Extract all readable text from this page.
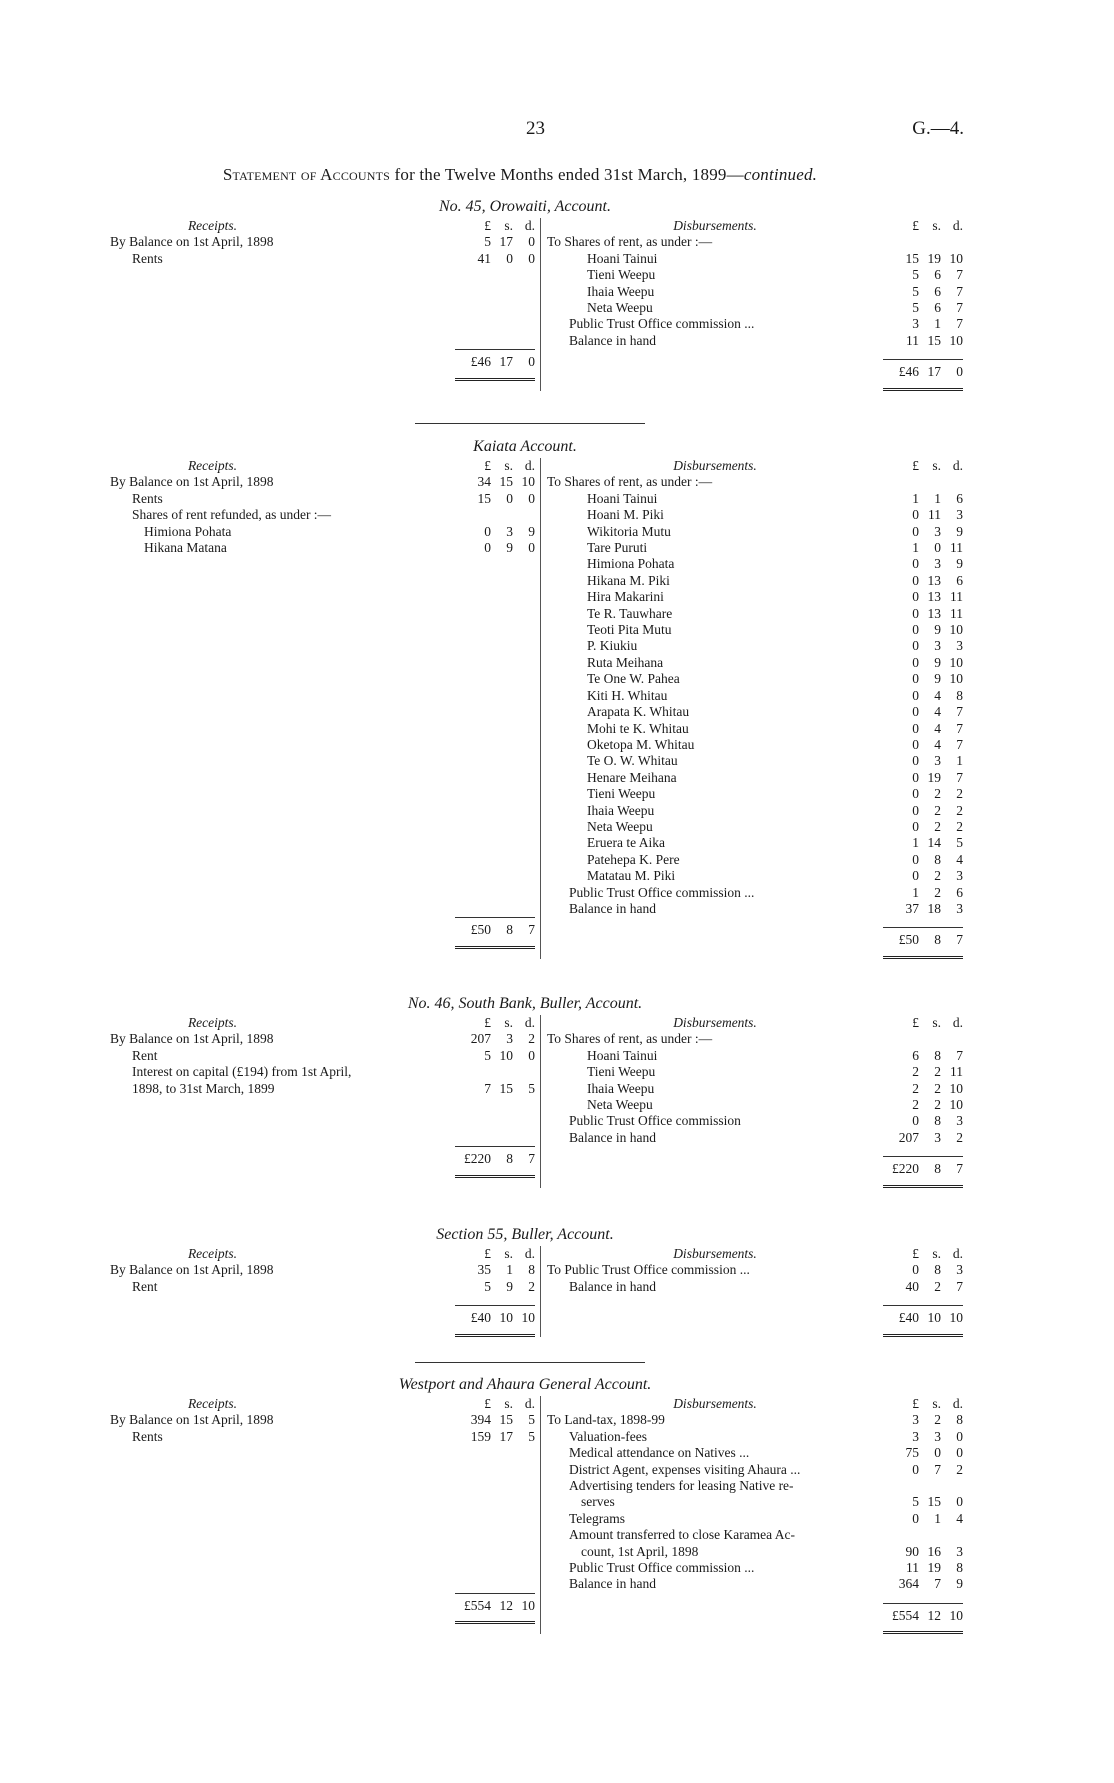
23	G.—4.
Statement of Accounts for the Twelve Months ended 31st March, 1899—continued.
No. 45, Orowaiti, Account.
Receipts.	£ s. d.
By Balance on 1st April, 1898	5 17	0
Rents	41	0	0
£46 17	0
Disbursements.	£ s. d.
To Shares of rent, as under :—
Hoani Tainui	15 19 10
Tieni Weepu	5	6	7
Ihaia Weepu	5	6	7
Neta Weepu	5	6	7
Public Trust Office commission ...	3	1	7
Balance in hand	11 15 10
£46 17	0
Kaiata Account.
Receipts.	£ s. d.
By Balance on 1st April, 1898	34 15 10
Rents	15	0	0
Shares of rent refunded, as under :—
Himiona Pohata	0	3	9
Hikana Matana	0	9	0
£50	8	7
Disbursements.	£ s. d.
To Shares of rent, as under :—
Hoani Tainui	1	1	6
Hoani M. Piki	0 11	3
Wikitoria Mutu	0	3	9
Tare Puruti	1	0 11
Himiona Pohata	0	3	9
Hikana M. Piki	0 13	6
Hira Makarini	0 13 11
Te R. Tauwhare	0 13 11
Teoti Pita Mutu	0	9 10
P. Kiukiu	0	3	3
Ruta Meihana	0	9 10
Te One W. Pahea	0	9 10
Kiti H. Whitau	0	4	8
Arapata K. Whitau	0	4	7
Mohi te K. Whitau	0	4	7
Oketopa M. Whitau	0	4	7
Te O. W. Whitau	0	3	1
Henare Meihana	0 19	7
Tieni Weepu	0	2	2
Ihaia Weepu	0	2	2
Neta Weepu	0	2	2
Eruera te Aika	1 14	5
Patehepa K. Pere	0	8	4
Matatau M. Piki	0	2	3
Public Trust Office commission ...	1	2	6
Balance in hand	37 18	3
£50	8	7
No. 46, South Bank, Buller, Account.
Receipts.	£ s. d.
By Balance on 1st April, 1898	207	3	2
Rent	5 10	0
Interest on capital (£194) from 1st April,
1898, to 31st March, 1899	7 15	5
£220	8	7
Disbursements.	£ s. d.
To Shares of rent, as under :—
Hoani Tainui	6	8	7
Tieni Weepu	2	2 11
Ihaia Weepu	2	2 10
Neta Weepu	2	2 10
Public Trust Office commission	0	8	3
Balance in hand	207	3	2
£220	8	7
Section 55, Buller, Account.
Receipts.	£ s. d.
By Balance on 1st April, 1898	35	1	8
Rent	5	9	2
£40 10 10
Disbursements.	£ s. d.
To Public Trust Office commission ...	0	8	3
Balance in hand	40	2	7
£40 10 10
Westport and Ahaura General Account.
Receipts.	£ s. d.
By Balance on 1st April, 1898	394 15	5
Rents	159 17	5
£554 12 10
Disbursements.	£ s. d.
To Land-tax, 1898-99	3	2	8
Valuation-fees	3	3	0
Medical attendance on Natives ...	75	0	0
District Agent, expenses visiting Ahaura ...	0	7	2
Advertising tenders for leasing Native re-
serves	5 15	0
Telegrams	0	1	4
Amount transferred to close Karamea Ac-
count, 1st April, 1898	90 16	3
Public Trust Office commission ...	11 19	8
Balance in hand	364	7	9
£554 12 10
